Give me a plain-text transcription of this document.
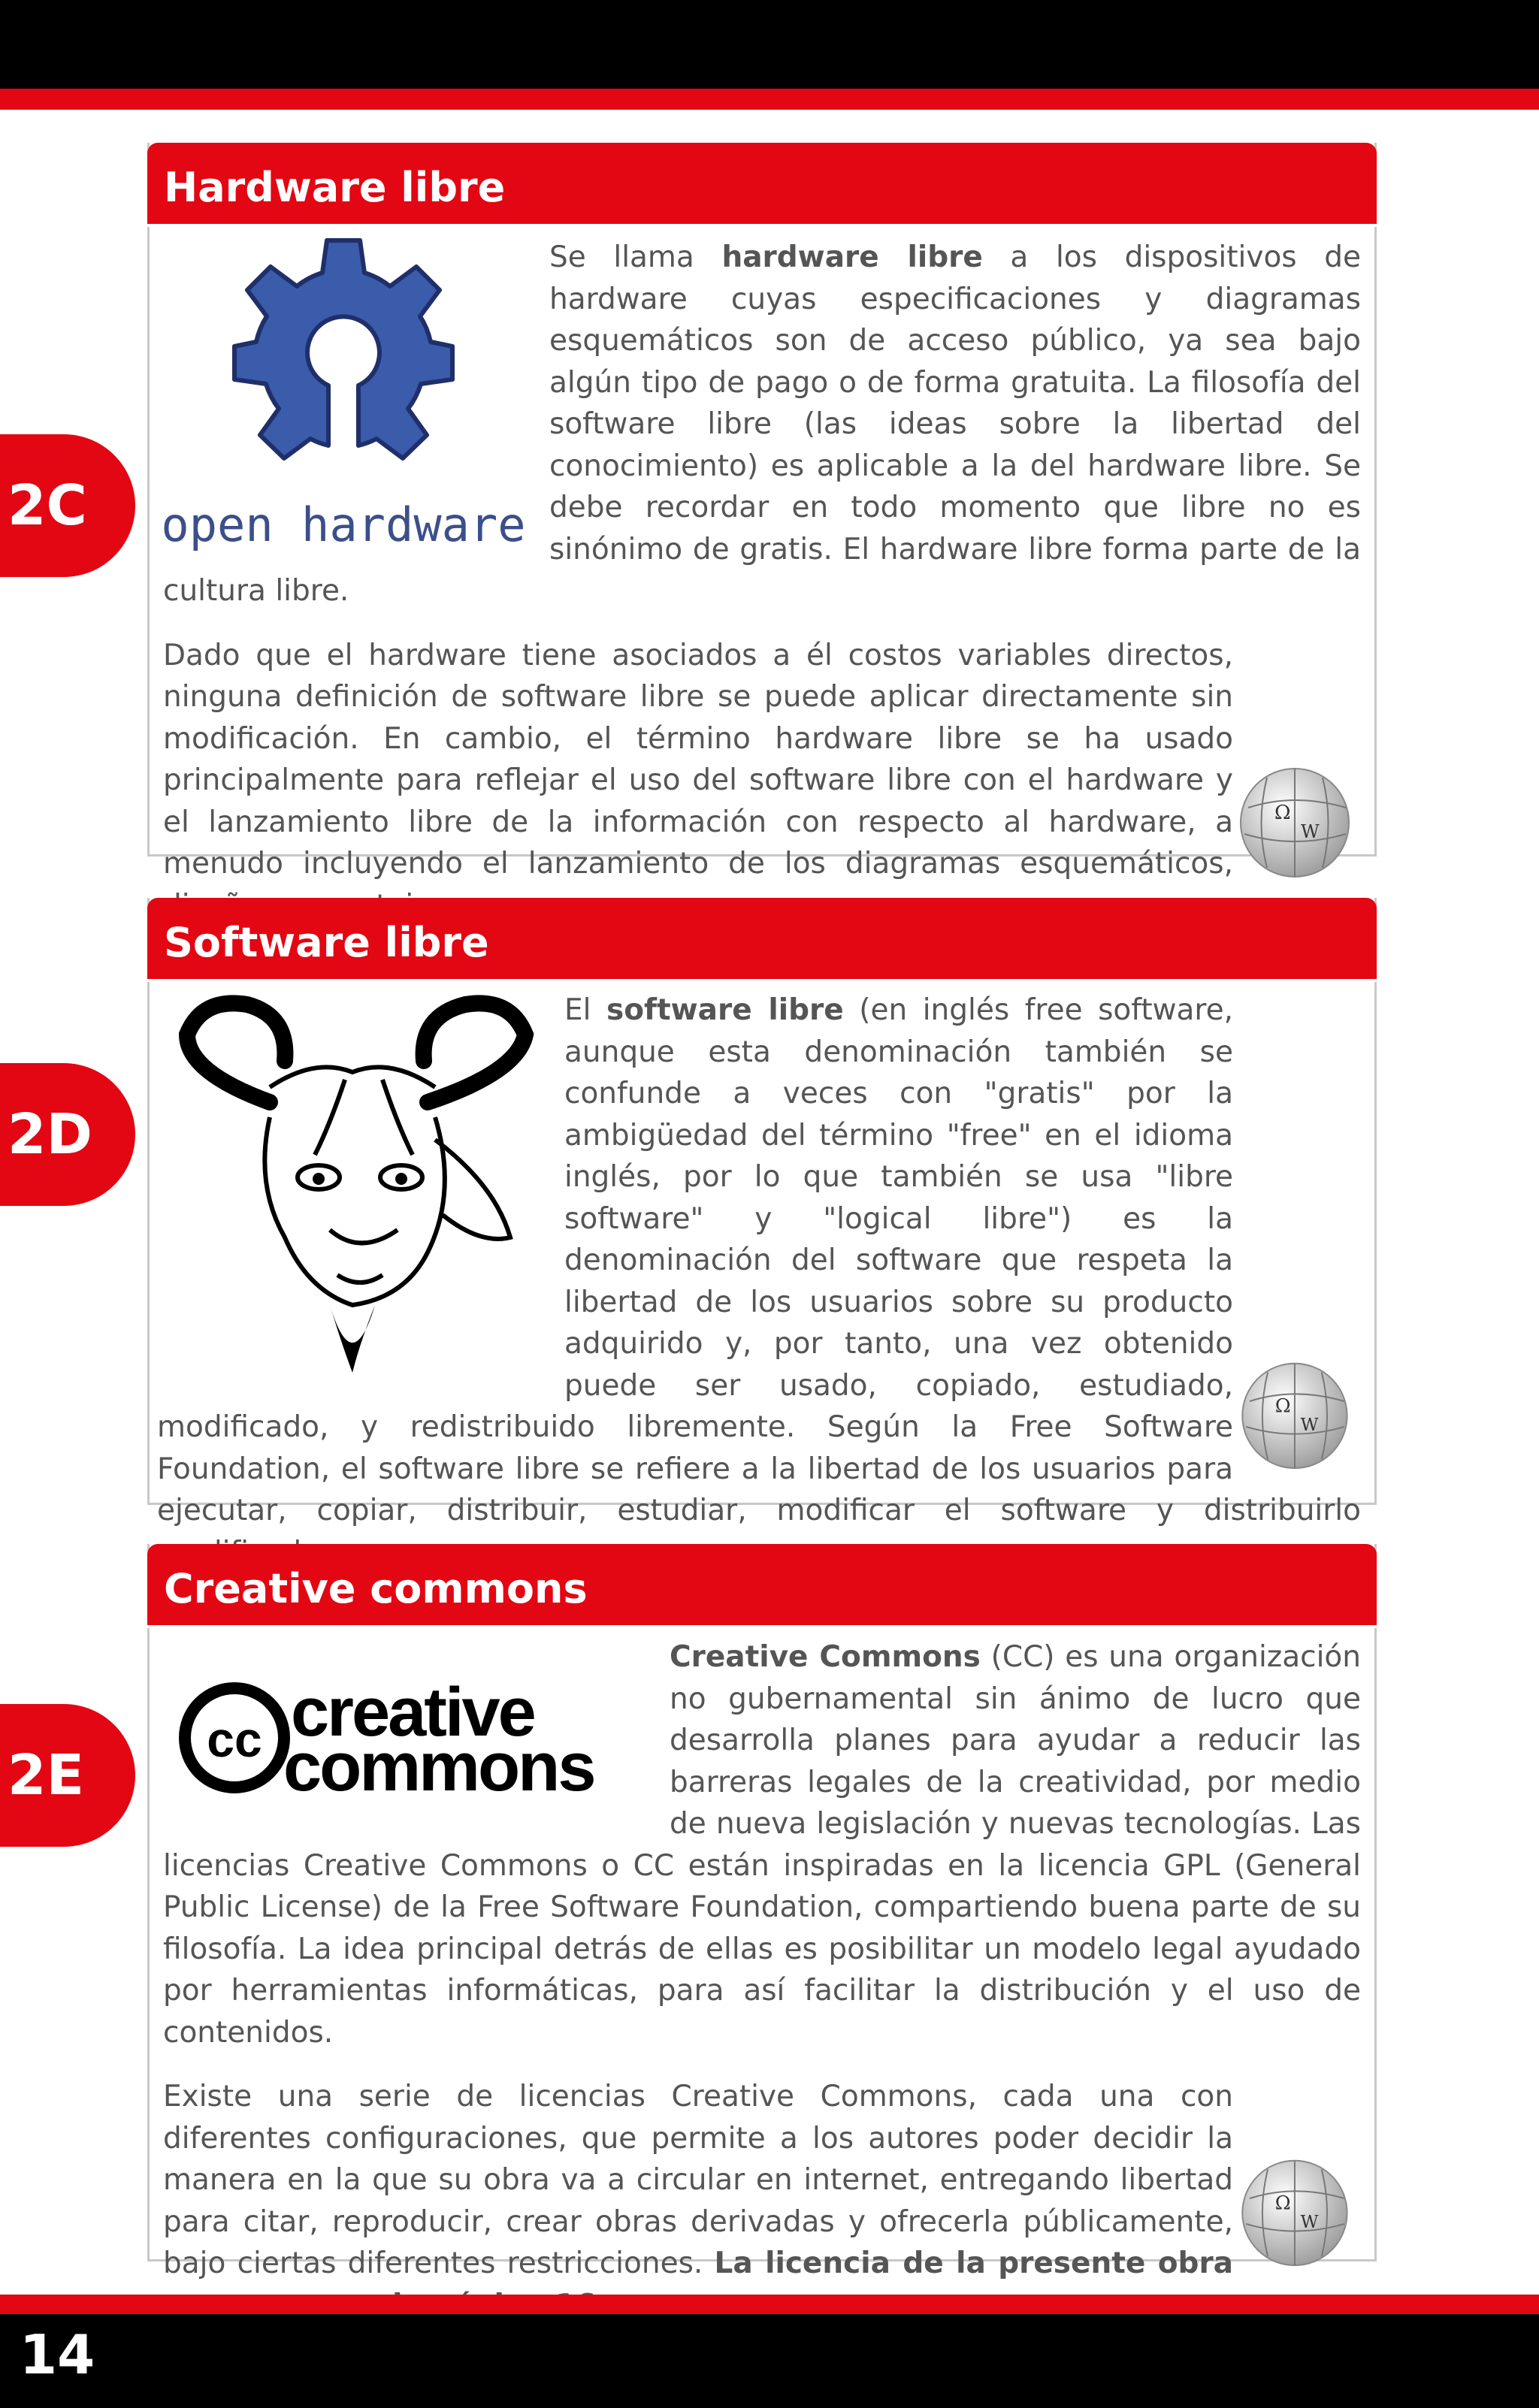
2C
Hardware libre
open hardware

Se llama hardware libre a los dispositivos de hardware cuyas especificaciones y diagramas esquemáticos son de acceso público, ya sea bajo algún tipo de pago o de forma gratuita. La filosofía del software libre (las ideas sobre la libertad del conocimiento) es aplicable a la del hardware libre. Se debe recordar en todo momento que libre no es sinónimo de gratis. El hardware libre forma parte de la cultura libre.

Ω
W

Dado que el hardware tiene asociados a él costos variables directos, ninguna definición de software libre se puede aplicar directamente sin modificación. En cambio, el término hardware libre se ha usado principalmente para reflejar el uso del software libre con el hardware y el lanzamiento libre de la información con respecto al hardware, a menudo incluyendo el lanzamiento de los diagramas esquemáticos,

2D
Software libre
Ω
W

El software libre (en inglés free software, aunque esta denominación también se confunde a veces con "gratis" por la ambigüedad del término "free" en el idioma inglés, por lo que también se usa "libre software" y "logical libre") es la denominación del software que respeta la libertad de los usuarios sobre su producto adquirido y, por tanto, una vez obtenido puede ser usado, copiado, estudiado, modificado, y redistribuido libremente. Según la Free Software Foundation, el software libre se refiere a la libertad de los usuarios para ejecutar, copiar, distribuir, estudiar, modificar el software y distribuirlo

2E
Creative commons
cc creative
commons

Creative Commons (CC) es una organización no gubernamental sin ánimo de lucro que desarrolla planes para ayudar a reducir las barreras legales de la creatividad, por medio de nueva legislación y nuevas tecnologías. Las licencias Creative Commons o CC están inspiradas en la licencia GPL (General Public License) de la Free Software Foundation, compartiendo buena parte de su filosofía. La idea principal detrás de ellas es posibilitar un modelo legal ayudado por herramientas informáticas, para así facilitar la distribución y el uso de contenidos.

Ω
W

Existe una serie de licencias Creative Commons, cada una con diferentes configuraciones, que permite a los autores poder decidir la manera en la que su obra va a circular en internet, entregando libertad para citar, reproducir, crear obras derivadas y ofrecerla públicamente, bajo ciertas diferentes restricciones. La licencia de la presente obra

14
